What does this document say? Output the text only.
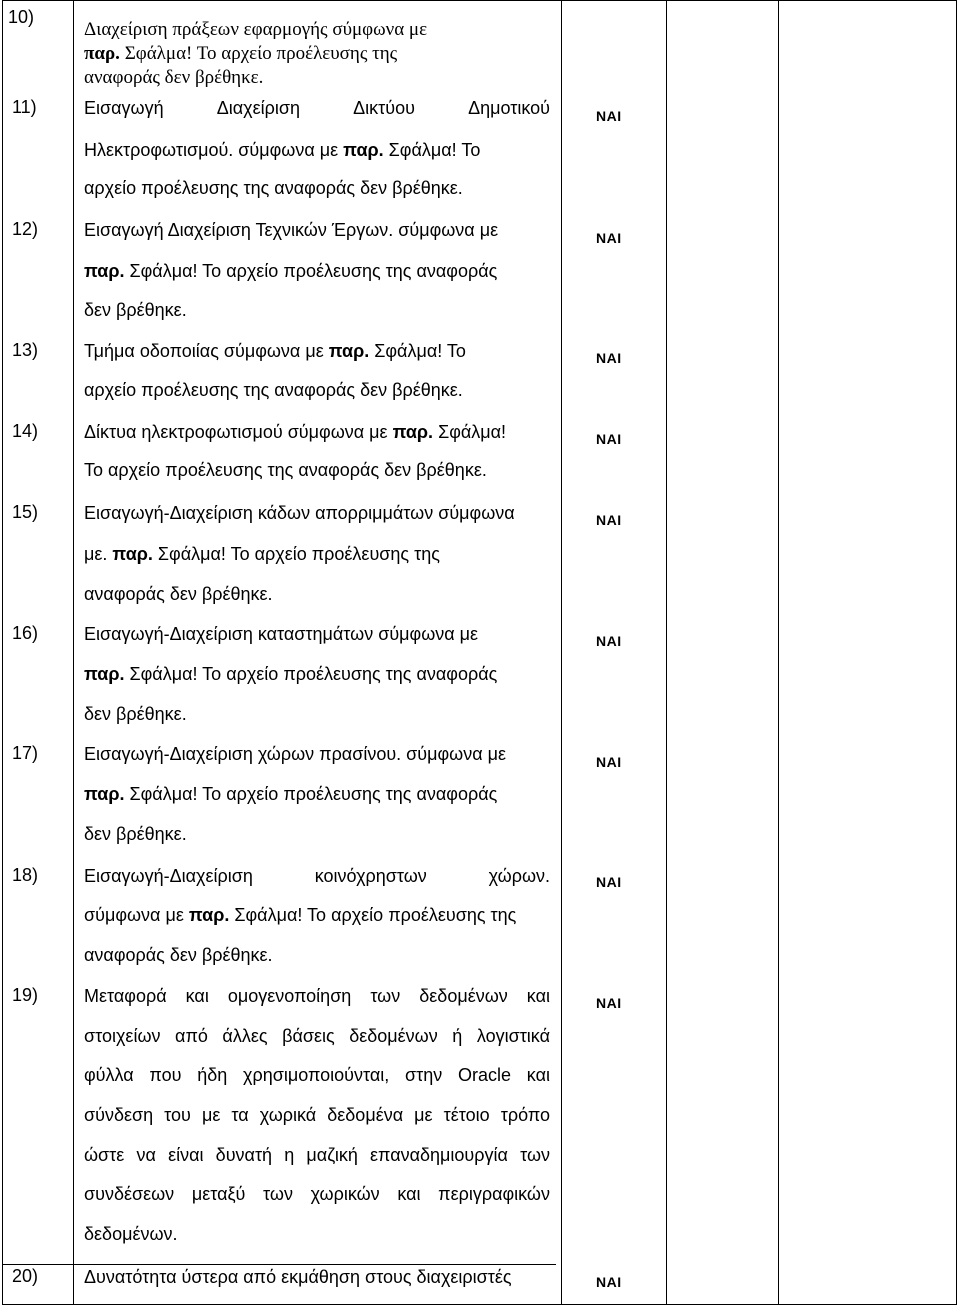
10)
Διαχείριση πράξεων εφαρμογής σύμφωνα με
παρ. Σφάλμα! Το αρχείο προέλευσης της
αναφοράς δεν βρέθηκε.
11)	Εισαγωγή Διαχείριση Δικτύου Δημοτικού
Ηλεκτροφωτισμού. σύμφωνα με παρ. Σφάλμα! Το
αρχείο προέλευσης της αναφοράς δεν βρέθηκε.
ΝΑΙ
12)	Εισαγωγή Διαχείριση Τεχνικών Έργων. σύμφωνα με
παρ. Σφάλμα! Το αρχείο προέλευσης της αναφοράς
δεν βρέθηκε.
ΝΑΙ
13)	Τμήμα οδοποιίας σύμφωνα με παρ. Σφάλμα! Το
αρχείο προέλευσης της αναφοράς δεν βρέθηκε.
ΝΑΙ
14)	Δίκτυα ηλεκτροφωτισμού σύμφωνα με παρ. Σφάλμα!
Το αρχείο προέλευσης της αναφοράς δεν βρέθηκε.
ΝΑΙ
15)	Εισαγωγή-Διαχείριση κάδων απορριμμάτων σύμφωνα
με. παρ. Σφάλμα! Το αρχείο προέλευσης της
αναφοράς δεν βρέθηκε.
ΝΑΙ
16)	Εισαγωγή-Διαχείριση καταστημάτων σύμφωνα με
παρ. Σφάλμα! Το αρχείο προέλευσης της αναφοράς
δεν βρέθηκε.
ΝΑΙ
17)	Εισαγωγή-Διαχείριση χώρων πρασίνου. σύμφωνα με
παρ. Σφάλμα! Το αρχείο προέλευσης της αναφοράς
δεν βρέθηκε.
ΝΑΙ
18)	Εισαγωγή-Διαχείριση κοινόχρηστων χώρων.
σύμφωνα με παρ. Σφάλμα! Το αρχείο προέλευσης της
αναφοράς δεν βρέθηκε.
ΝΑΙ
19)	Μεταφορά και ομογενοποίηση των δεδομένων και
στοιχείων από άλλες βάσεις δεδομένων ή λογιστικά
φύλλα που ήδη χρησιμοποιούνται, στην Oracle και
σύνδεση του με τα χωρικά δεδομένα με τέτοιο τρόπο
ώστε να είναι δυνατή η μαζική επαναδημιουργία των
συνδέσεων μεταξύ των χωρικών και περιγραφικών
δεδομένων.
ΝΑΙ
20)	Δυνατότητα ύστερα από εκμάθηση στους διαχειριστές	ΝΑΙ
